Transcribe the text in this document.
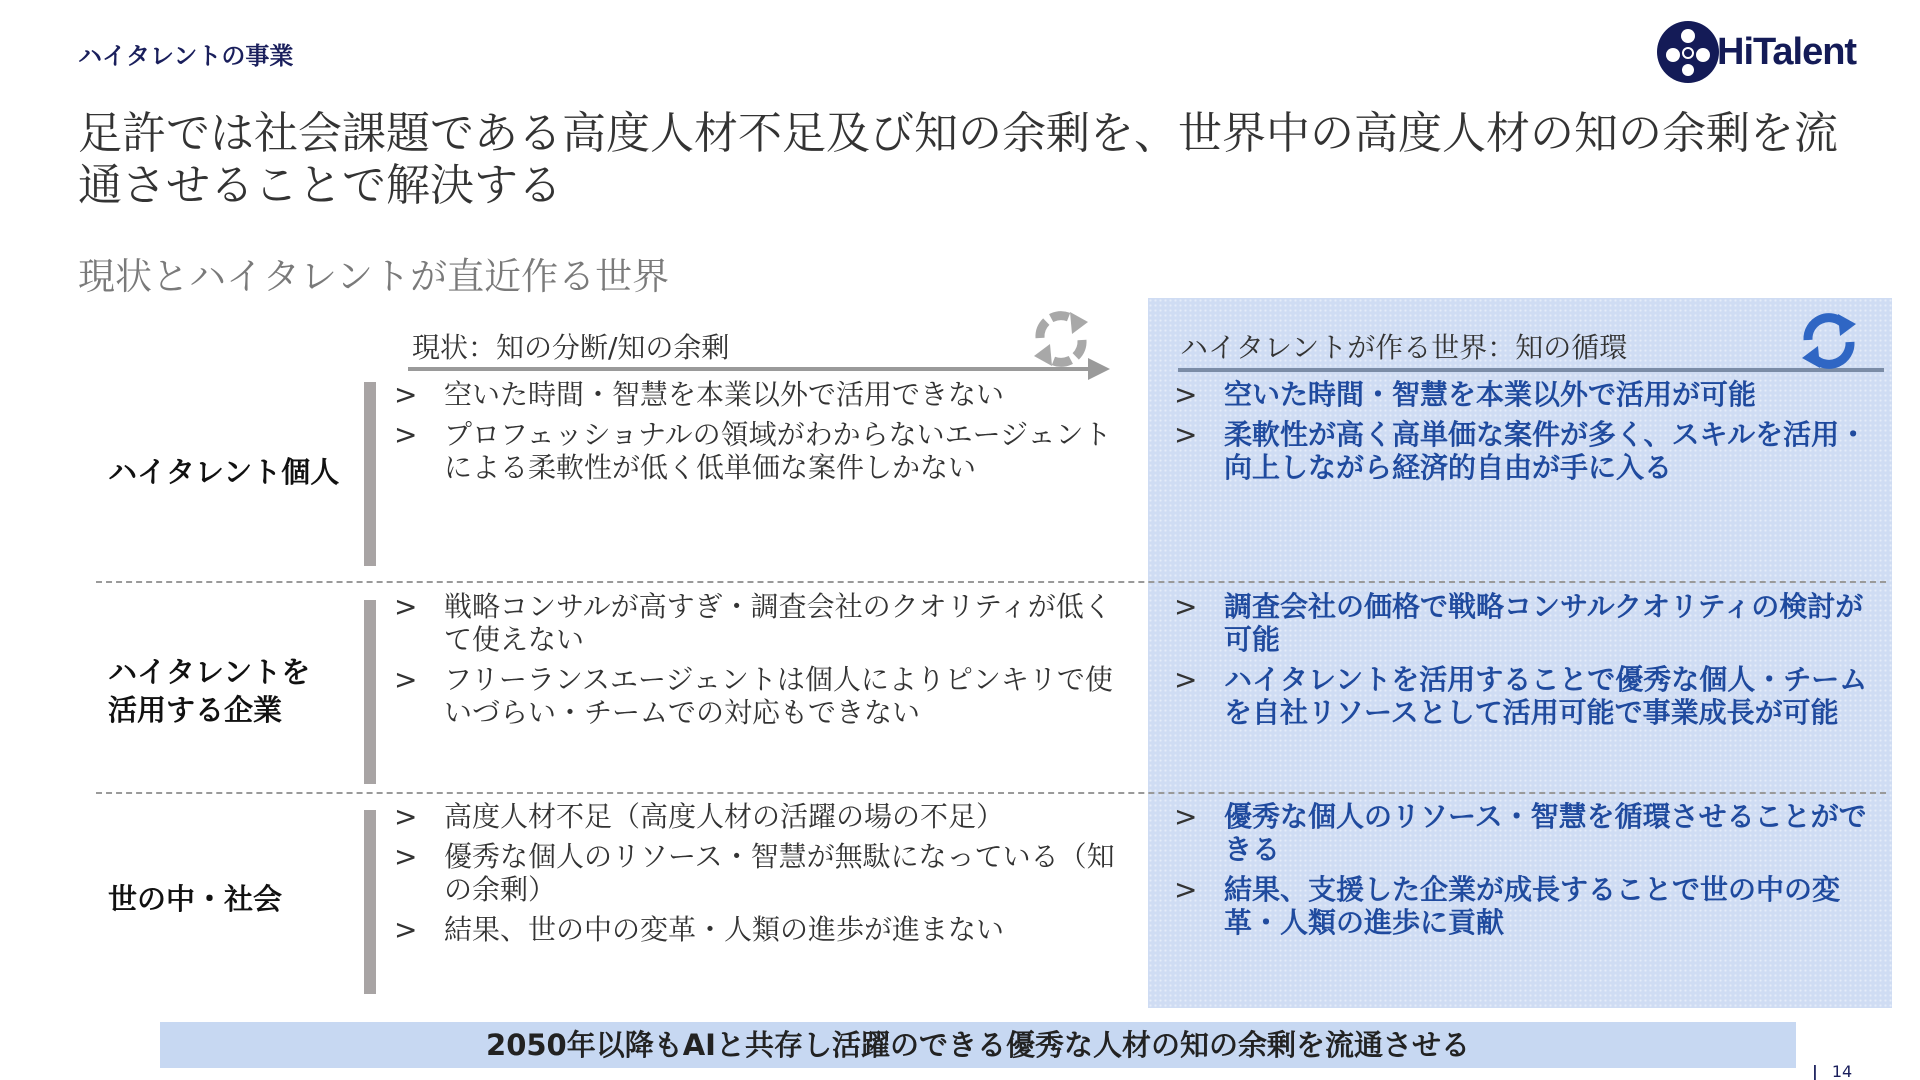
ハイタレントの事業	HiTalent
足許では社会課題である高度人材不足及び知の余剰を、世界中の高度人材の知の余剰を流通させることで解決する
現状とハイタレントが直近作る世界
現状：知の分断/知の余剰	ハイタレントが作る世界：知の循環
ハイタレント個人
> 空いた時間・智慧を本業以外で活用できない
> プロフェッショナルの領域がわからないエージェントによる柔軟性が低く低単価な案件しかない
> 空いた時間・智慧を本業以外で活用が可能
> 柔軟性が高く高単価な案件が多く、スキルを活用・向上しながら経済的自由が手に入る
ハイタレントを
活用する企業
> 戦略コンサルが高すぎ・調査会社のクオリティが低くて使えない
> フリーランスエージェントは個人によりピンキリで使いづらい・チームでの対応もできない
> 調査会社の価格で戦略コンサルクオリティの検討が可能
> ハイタレントを活用することで優秀な個人・チームを自社リソースとして活用可能で事業成長が可能
世の中・社会
> 高度人材不足（高度人材の活躍の場の不足）
> 優秀な個人のリソース・智慧が無駄になっている（知の余剰）
> 結果、世の中の変革・人類の進歩が進まない
> 優秀な個人のリソース・智慧を循環させることができる
> 結果、支援した企業が成長することで世の中の変革・人類の進歩に貢献
2050年以降もAIと共存し活躍のできる優秀な人材の知の余剰を流通させる
| 14
